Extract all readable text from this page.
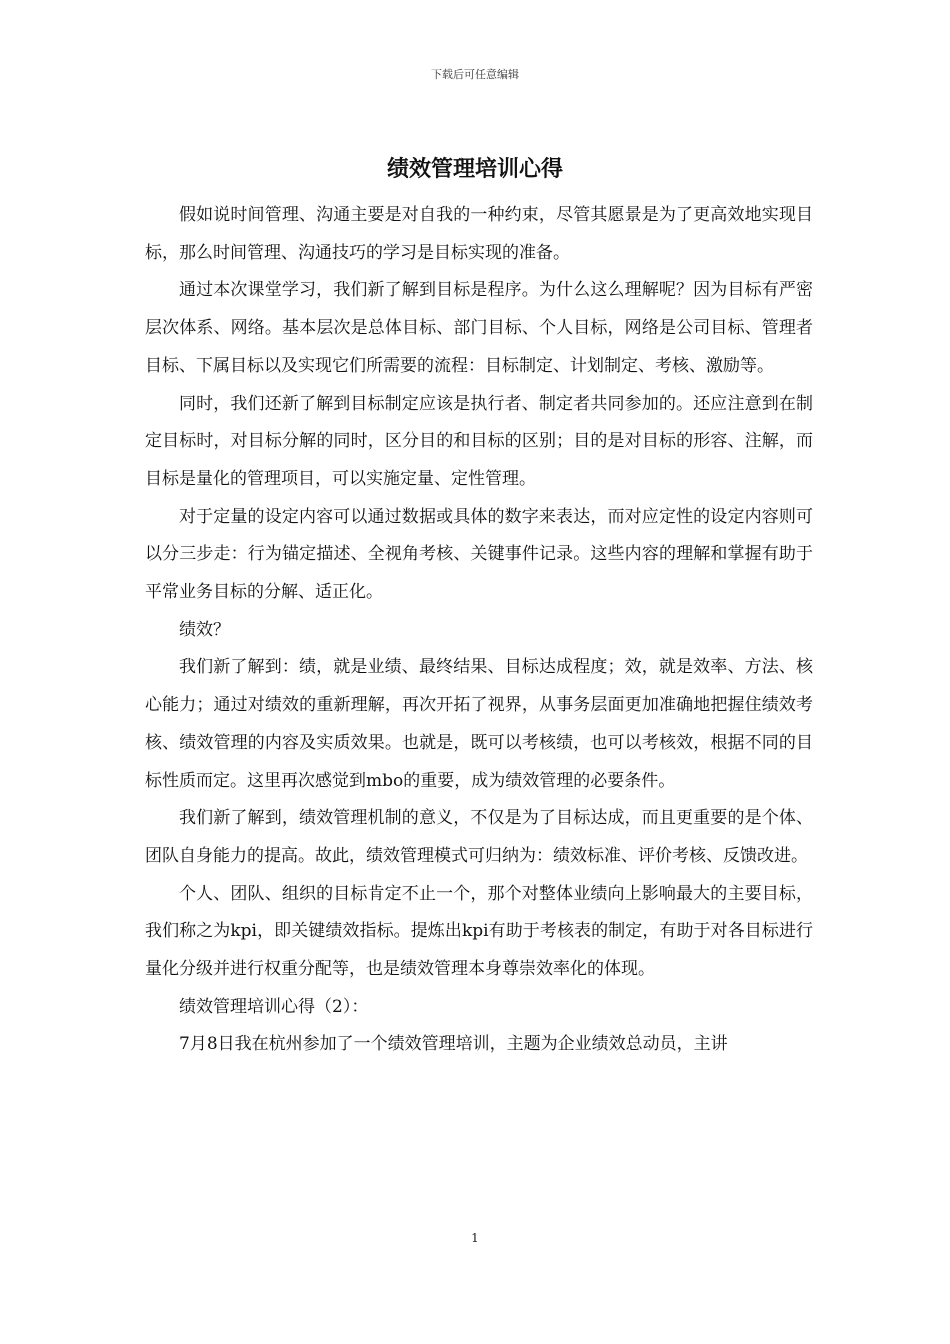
下载后可任意编辑
绩效管理培训心得

假如说时间管理、沟通主要是对自我的一种约束，尽管其愿景是为了更高效地实现目标，那么时间管理、沟通技巧的学习是目标实现的准备。

通过本次课堂学习，我们新了解到目标是程序。为什么这么理解呢？因为目标有严密层次体系、网络。基本层次是总体目标、部门目标、个人目标，网络是公司目标、管理者目标、下属目标以及实现它们所需要的流程：目标制定、计划制定、考核、激励等。

同时，我们还新了解到目标制定应该是执行者、制定者共同参加的。还应注意到在制定目标时，对目标分解的同时，区分目的和目标的区别；目的是对目标的形容、注解，而目标是量化的管理项目，可以实施定量、定性管理。

对于定量的设定内容可以通过数据或具体的数字来表达，而对应定性的设定内容则可以分三步走：行为锚定描述、全视角考核、关键事件记录。这些内容的理解和掌握有助于平常业务目标的分解、适正化。

绩效？

我们新了解到：绩，就是业绩、最终结果、目标达成程度；效，就是效率、方法、核心能力；通过对绩效的重新理解，再次开拓了视界，从事务层面更加准确地把握住绩效考核、绩效管理的内容及实质效果。也就是，既可以考核绩，也可以考核效，根据不同的目标性质而定。这里再次感觉到mbo的重要，成为绩效管理的必要条件。

我们新了解到，绩效管理机制的意义，不仅是为了目标达成，而且更重要的是个体、团队自身能力的提高。故此，绩效管理模式可归纳为：绩效标准、评价考核、反馈改进。

个人、团队、组织的目标肯定不止一个，那个对整体业绩向上影响最大的主要目标，我们称之为kpi，即关键绩效指标。提炼出kpi有助于考核表的制定，有助于对各目标进行量化分级并进行权重分配等，也是绩效管理本身尊崇效率化的体现。

绩效管理培训心得（2）：

7月8日我在杭州参加了一个绩效管理培训，主题为企业绩效总动员，主讲

1
